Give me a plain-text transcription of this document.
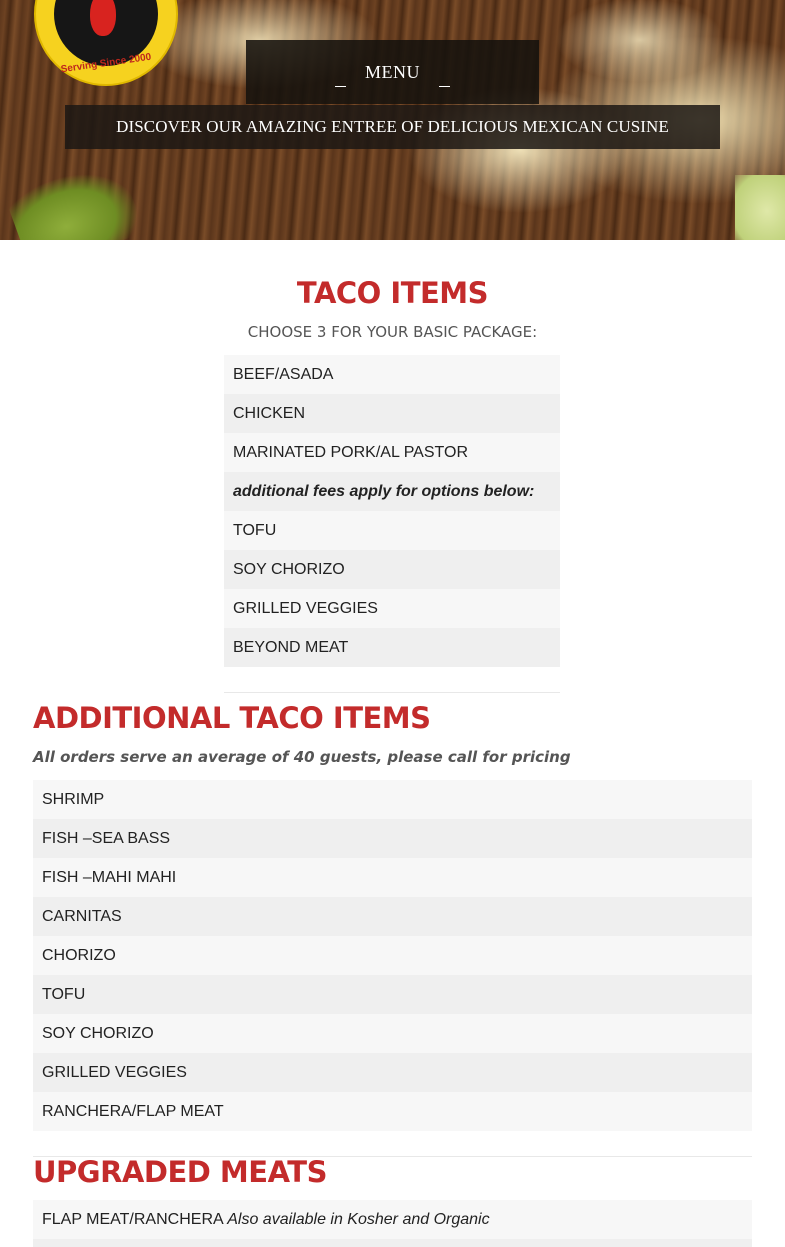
Serving Since 2000	MENU
DISCOVER OUR AMAZING ENTREE OF DELICIOUS MEXICAN CUSINE
TACO ITEMS
CHOOSE 3 FOR YOUR BASIC PACKAGE:
BEEF/ASADA
CHICKEN
MARINATED PORK/AL PASTOR
additional fees apply for options below:
TOFU
SOY CHORIZO
GRILLED VEGGIES
BEYOND MEAT
ADDITIONAL TACO ITEMS
All orders serve an average of 40 guests, please call for pricing
SHRIMP
FISH –SEA BASS
FISH –MAHI MAHI
CARNITAS
CHORIZO
TOFU
SOY CHORIZO
GRILLED VEGGIES
RANCHERA/FLAP MEAT
UPGRADED MEATS
FLAP MEAT/RANCHERA Also available in Kosher and Organic
